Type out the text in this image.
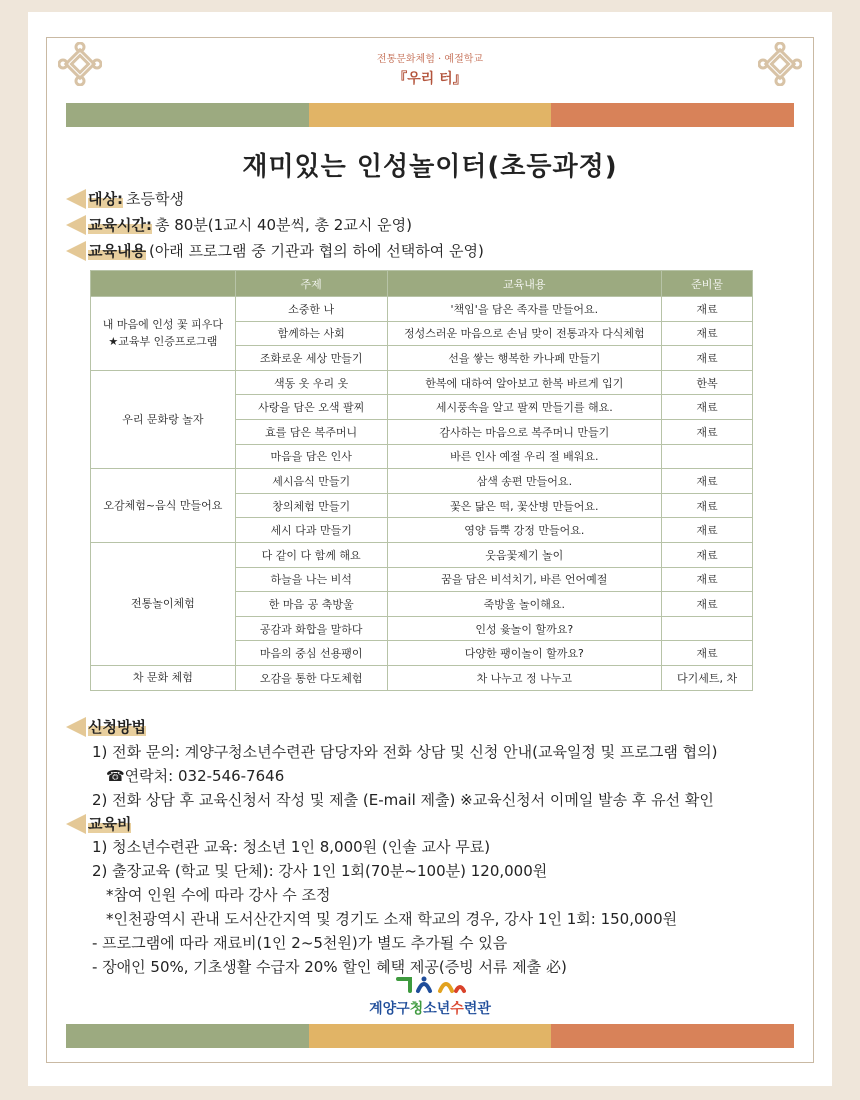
전통문화체험 · 예절학교
『우리 터』
재미있는 인성놀이터(초등과정)
대상: 초등학생
교육시간: 총 80분(1교시 40분씩, 총 2교시 운영)
교육내용 (아래 프로그램 중 기관과 협의 하에 선택하여 운영)
	주제	교육내용	준비물
내 마음에 인성 꽃 피우다
★교육부 인증프로그램	소중한 나	'책임'을 담은 족자를 만들어요.	재료
	함께하는 사회	정성스러운 마음으로 손님 맞이 전통과자 다식체험	재료
	조화로운 세상 만들기	선을 쌓는 행복한 카나페 만들기	재료
우리 문화랑 놀자	색동 옷 우리 옷	한복에 대하여 알아보고 한복 바르게 입기	한복
	사랑을 담은 오색 팔찌	세시풍속을 알고 팔찌 만들기를 해요.	재료
	효를 담은 복주머니	감사하는 마음으로 복주머니 만들기	재료
	마음을 담은 인사	바른 인사 예절 우리 절 배워요.	
오감체험~음식 만들어요	세시음식 만들기	삼색 송편 만들어요.	재료
	창의체험 만들기	꽃은 닮은 떡, 꽃산병 만들어요.	재료
	세시 다과 만들기	영양 듬뿍 강정 만들어요.	재료
전통놀이체험	다 같이 다 함께 해요	웃음꽃제기 놀이	재료
	하늘을 나는 비석	꿈을 담은 비석치기, 바른 언어예절	재료
	한 마음 공 축방울	죽방울 놀이해요.	재료
	공감과 화합을 말하다	인성 윷놀이 할까요?	
	마음의 중심 선용팽이	다양한 팽이놀이 할까요?	재료
차 문화 체험	오감을 통한 다도체험	차 나누고 정 나누고	다기세트, 차
신청방법
1) 전화 문의: 계양구청소년수련관 담당자와 전화 상담 및 신청 안내(교육일정 및 프로그램 협의)
☎연락처: 032-546-7646
2) 전화 상담 후 교육신청서 작성 및 제출 (E-mail 제출) ※교육신청서 이메일 발송 후 유선 확인
교육비
1) 청소년수련관 교육: 청소년 1인 8,000원 (인솔 교사 무료)
2) 출장교육 (학교 및 단체): 강사 1인 1회(70분~100분) 120,000원
*참여 인원 수에 따라 강사 수 조정
*인천광역시 관내 도서산간지역 및 경기도 소재 학교의 경우, 강사 1인 1회: 150,000원
- 프로그램에 따라 재료비(1인 2~5천원)가 별도 추가될 수 있음
- 장애인 50%, 기초생활 수급자 20% 할인 혜택 제공(증빙 서류 제출 必)
계양구청소년수련관
